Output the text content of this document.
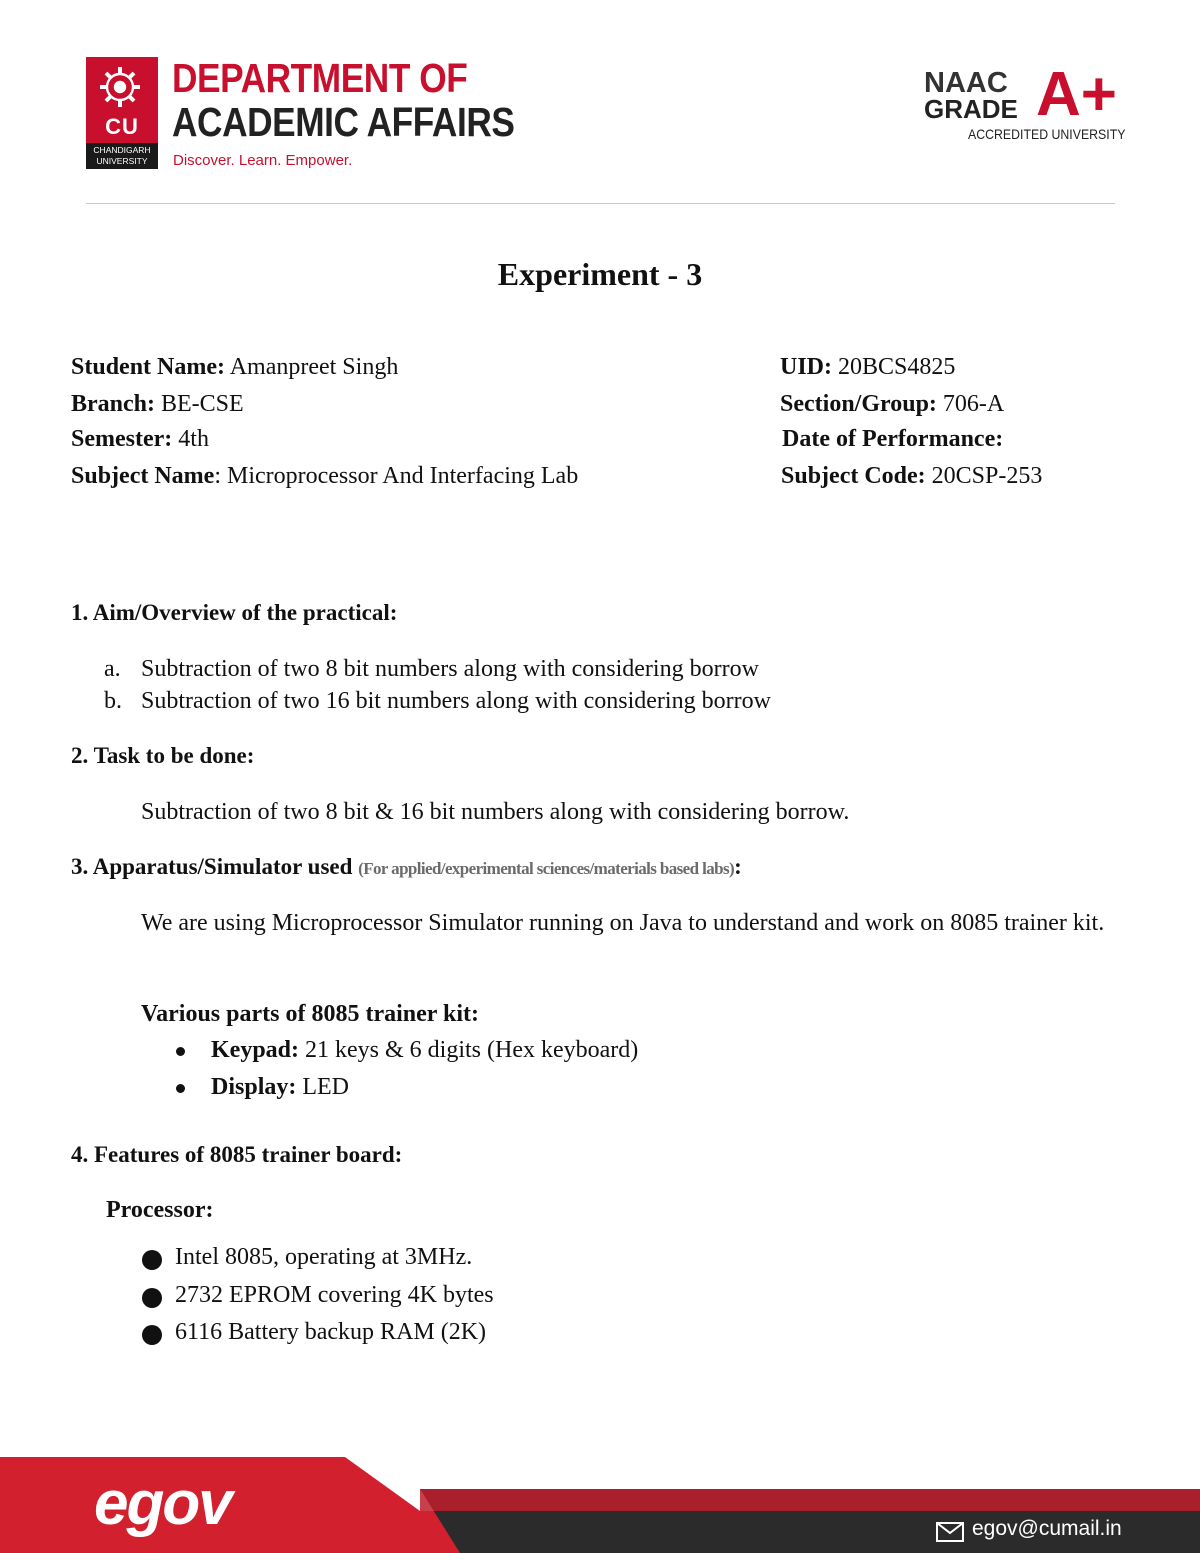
CU
CHANDIGARH UNIVERSITY
DEPARTMENT OF
ACADEMIC AFFAIRS
Discover. Learn. Empower.
NAAC
GRADE A+
ACCREDITED UNIVERSITY
Experiment - 3
Student Name: Amanpreet Singh	UID: 20BCS4825
Branch: BE-CSE	Section/Group: 706-A
Semester: 4th	Date of Performance:
Subject Name: Microprocessor And Interfacing Lab	Subject Code: 20CSP-253
1. Aim/Overview of the practical:
a. Subtraction of two 8 bit numbers along with considering borrow
b. Subtraction of two 16 bit numbers along with considering borrow
2. Task to be done:
Subtraction of two 8 bit & 16 bit numbers along with considering borrow.
3. Apparatus/Simulator used (For applied/experimental sciences/materials based labs):
We are using Microprocessor Simulator running on Java to understand and work on 8085 trainer kit.
Various parts of 8085 trainer kit:
Keypad: 21 keys & 6 digits (Hex keyboard)
Display: LED
4. Features of 8085 trainer board:
Processor:
Intel 8085, operating at 3MHz.
2732 EPROM covering 4K bytes
6116 Battery backup RAM (2K)
egov	egov@cumail.in
